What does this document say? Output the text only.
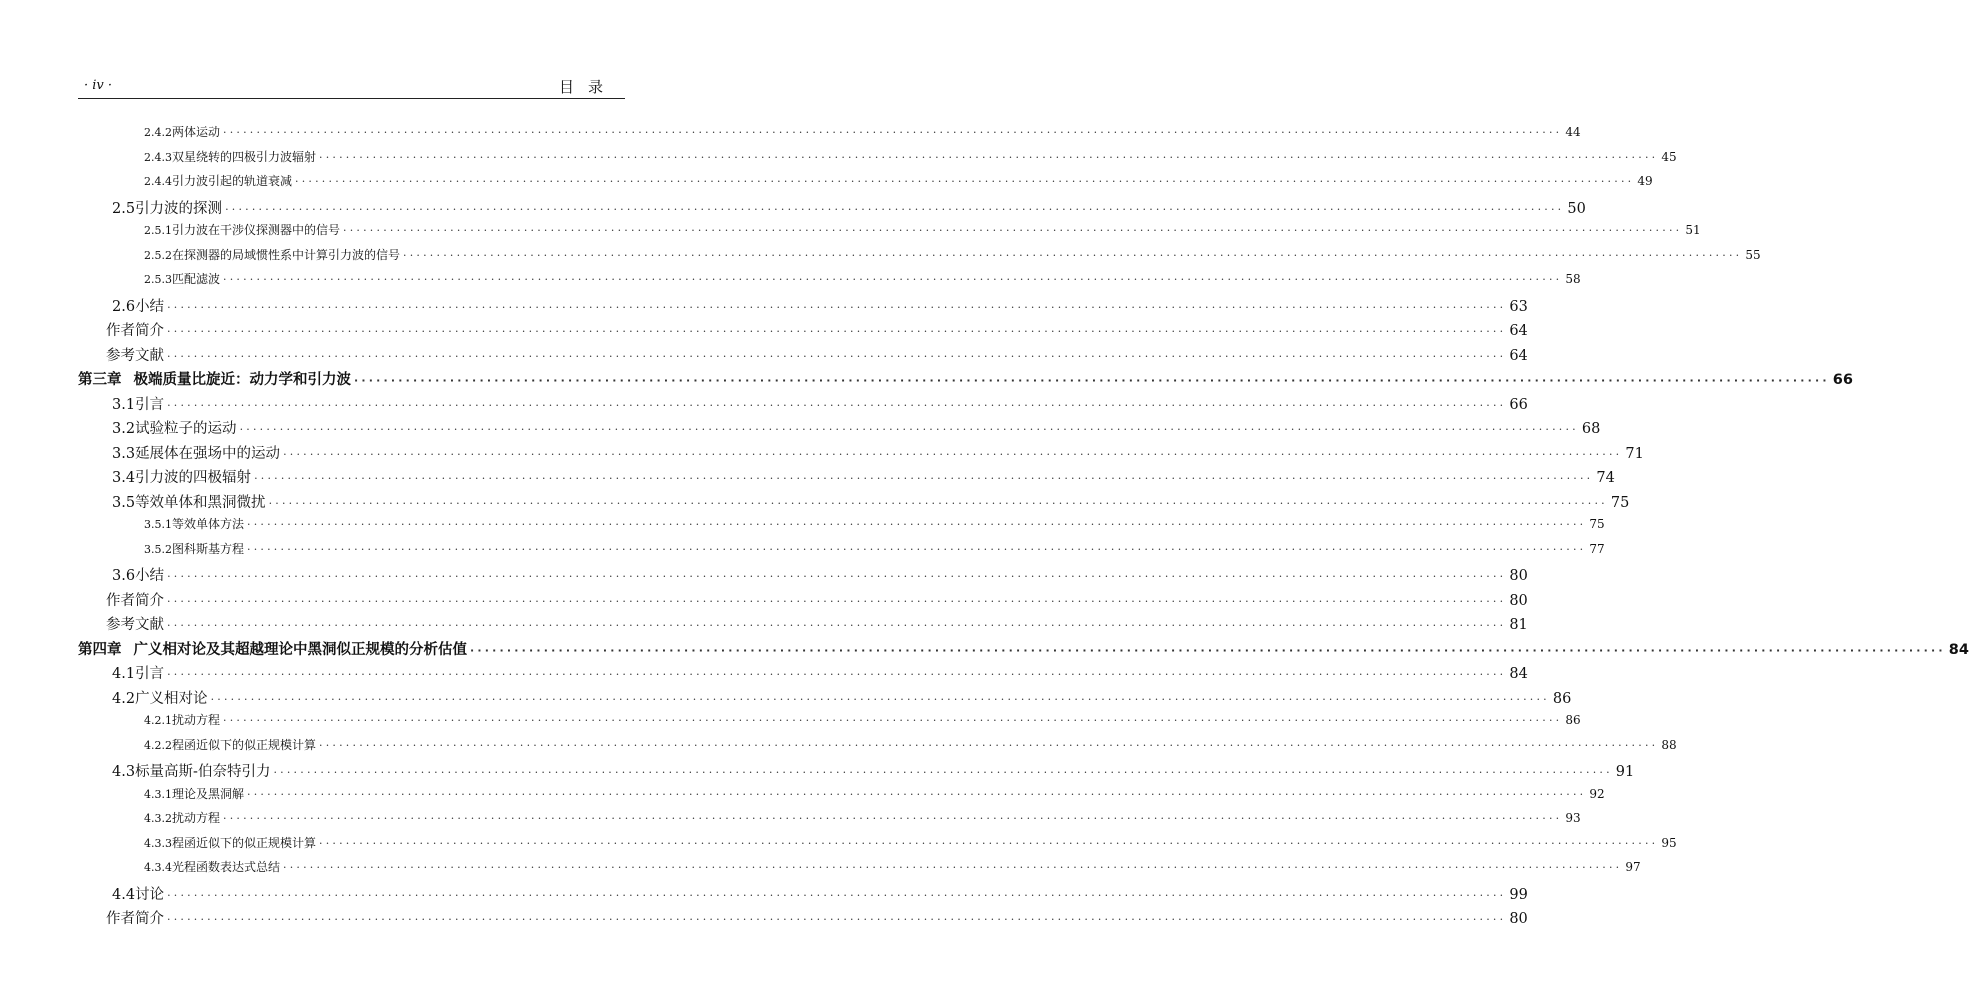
· iv ·	目录
2.4.2 两体运动 ········································································································································································································ 44
2.4.3 双星绕转的四极引力波辐射 ········································································································································································································ 45
2.4.4 引力波引起的轨道衰减 ········································································································································································································ 49
2.5 引力波的探测 ········································································································································································································ 50
2.5.1 引力波在干涉仪探测器中的信号 ········································································································································································································ 51
2.5.2 在探测器的局域惯性系中计算引力波的信号 ········································································································································································································ 55
2.5.3 匹配滤波 ········································································································································································································ 58
2.6 小结 ········································································································································································································ 63
作者简介 ········································································································································································································ 64
参考文献 ········································································································································································································ 64
第三章 极端质量比旋近：动力学和引力波 ········································································································································································································ 66
3.1 引言 ········································································································································································································ 66
3.2 试验粒子的运动 ········································································································································································································ 68
3.3 延展体在强场中的运动 ········································································································································································································ 71
3.4 引力波的四极辐射 ········································································································································································································ 74
3.5 等效单体和黑洞微扰 ········································································································································································································ 75
3.5.1 等效单体方法 ········································································································································································································ 75
3.5.2 图科斯基方程 ········································································································································································································ 77
3.6 小结 ········································································································································································································ 80
作者简介 ········································································································································································································ 80
参考文献 ········································································································································································································ 81
第四章 广义相对论及其超越理论中黑洞似正规模的分析估值 ········································································································································································································ 84
4.1 引言 ········································································································································································································ 84
4.2 广义相对论 ········································································································································································································ 86
4.2.1 扰动方程 ········································································································································································································ 86
4.2.2 程函近似下的似正规模计算 ········································································································································································································ 88
4.3 标量高斯-伯奈特引力 ········································································································································································································ 91
4.3.1 理论及黑洞解 ········································································································································································································ 92
4.3.2 扰动方程 ········································································································································································································ 93
4.3.3 程函近似下的似正规模计算 ········································································································································································································ 95
4.3.4 光程函数表达式总结 ········································································································································································································ 97
4.4 讨论 ········································································································································································································ 99
作者简介 ········································································································································································································ 80
